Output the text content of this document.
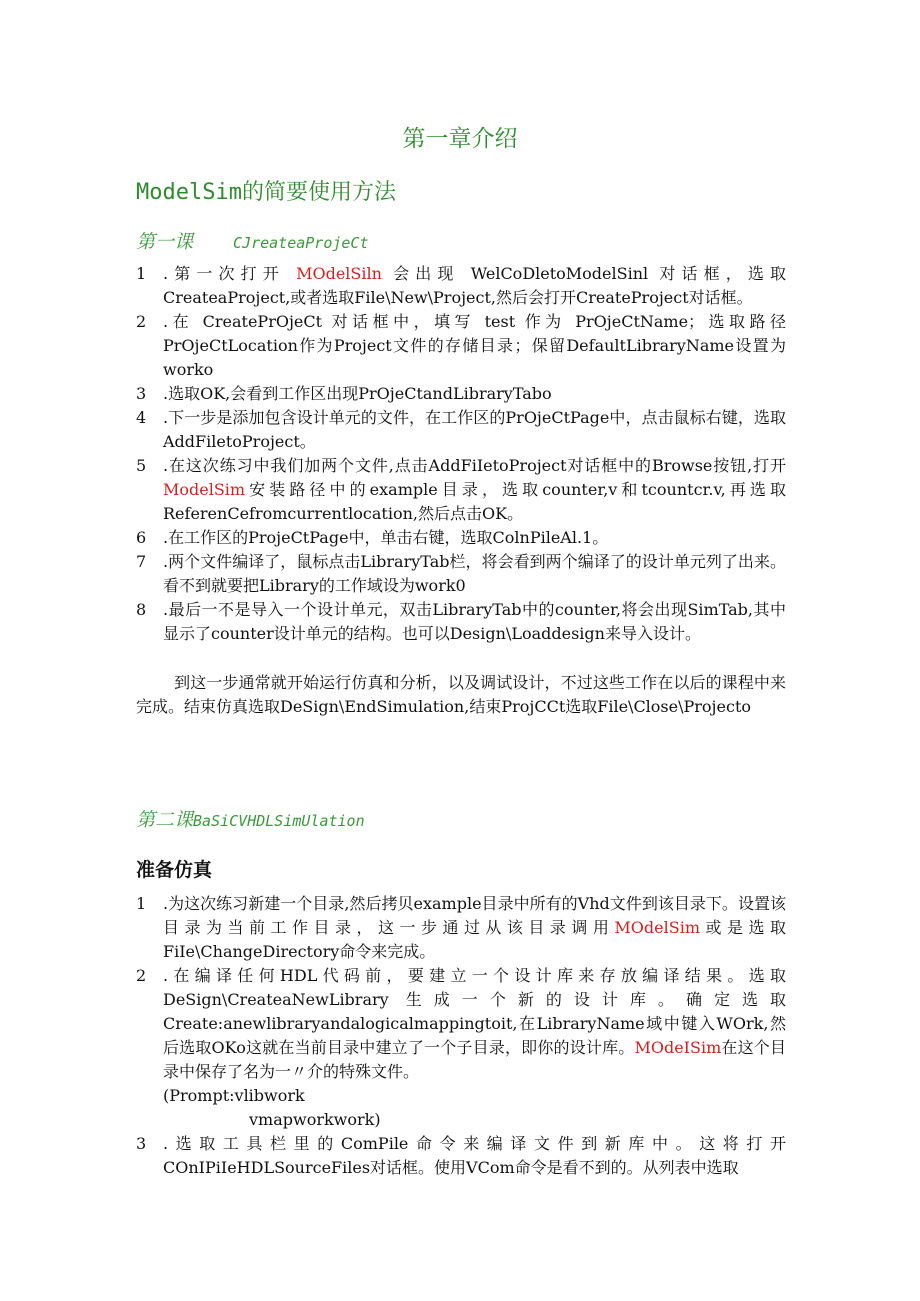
第一章介绍
ModelSim的简要使用方法
第一课	CJreateaProjeCt
1	.第一次打开 MOdelSiln 会出现 WelCoDletoModelSinl 对话框，选取CreateaProject,或者选取File\New\Project,然后会打开CreateProject对话框。
2	.在 CreatePrOjeCt 对话框中，填写 test 作为 PrOjeCtName；选取路径PrOjeCtLocation作为Project文件的存储目录；保留DefaultLibraryName设置为worko
3	.选取OK,会看到工作区出现PrOjeCtandLibraryTabo
4	.下一步是添加包含设计单元的文件，在工作区的PrOjeCtPage中，点击鼠标右键，选取AddFiletoProject。
5	.在这次练习中我们加两个文件,点击AddFiIetoProject对话框中的Browse按钮,打开ModelSim安装路径中的example目录，选取counter,v和tcountcr.v,再选取ReferenCefromcurrentlocation,然后点击OK。
6	.在工作区的ProjeCtPage中，单击右键，选取ColnPileAl.1。
7	.两个文件编译了，鼠标点击LibraryTab栏，将会看到两个编译了的设计单元列了出来。看不到就要把Library的工作域设为work0
8	.最后一不是导入一个设计单元，双击LibraryTab中的counter,将会出现SimTab,其中显示了counter设计单元的结构。也可以Design\Loaddesign来导入设计。
到这一步通常就开始运行仿真和分析，以及调试设计，不过这些工作在以后的课程中来完成。结束仿真选取DeSign\EndSimulation,结束ProjCCt选取File\Close\Projecto
第二课BaSiCVHDLSimUlation
准备仿真
1	.为这次练习新建一个目录,然后拷贝example目录中所有的Vhd文件到该目录下。设置该目录为当前工作目录，这一步通过从该目录调用MOdelSim或是选取FiIe\ChangeDirectory命令来完成。
2	.在编译任何HDL代码前，要建立一个设计库来存放编译结果。选取DeSign\CreateaNewLibrary 生成一个新的设计库。确定选取Create:anewlibraryandalogicalmappingtoit,在LibraryName域中键入WOrk,然后选取OKo这就在当前目录中建立了一个子目录，即你的设计库。MOdeISim在这个目录中保存了名为一〃介的特殊文件。
(Prompt:vlibwork
vmapworkwork)
3	.选取工具栏里的ComPile命令来编译文件到新库中。这将打开COnIPiIeHDLSourceFiles对话框。使用VCom命令是看不到的。从列表中选取
